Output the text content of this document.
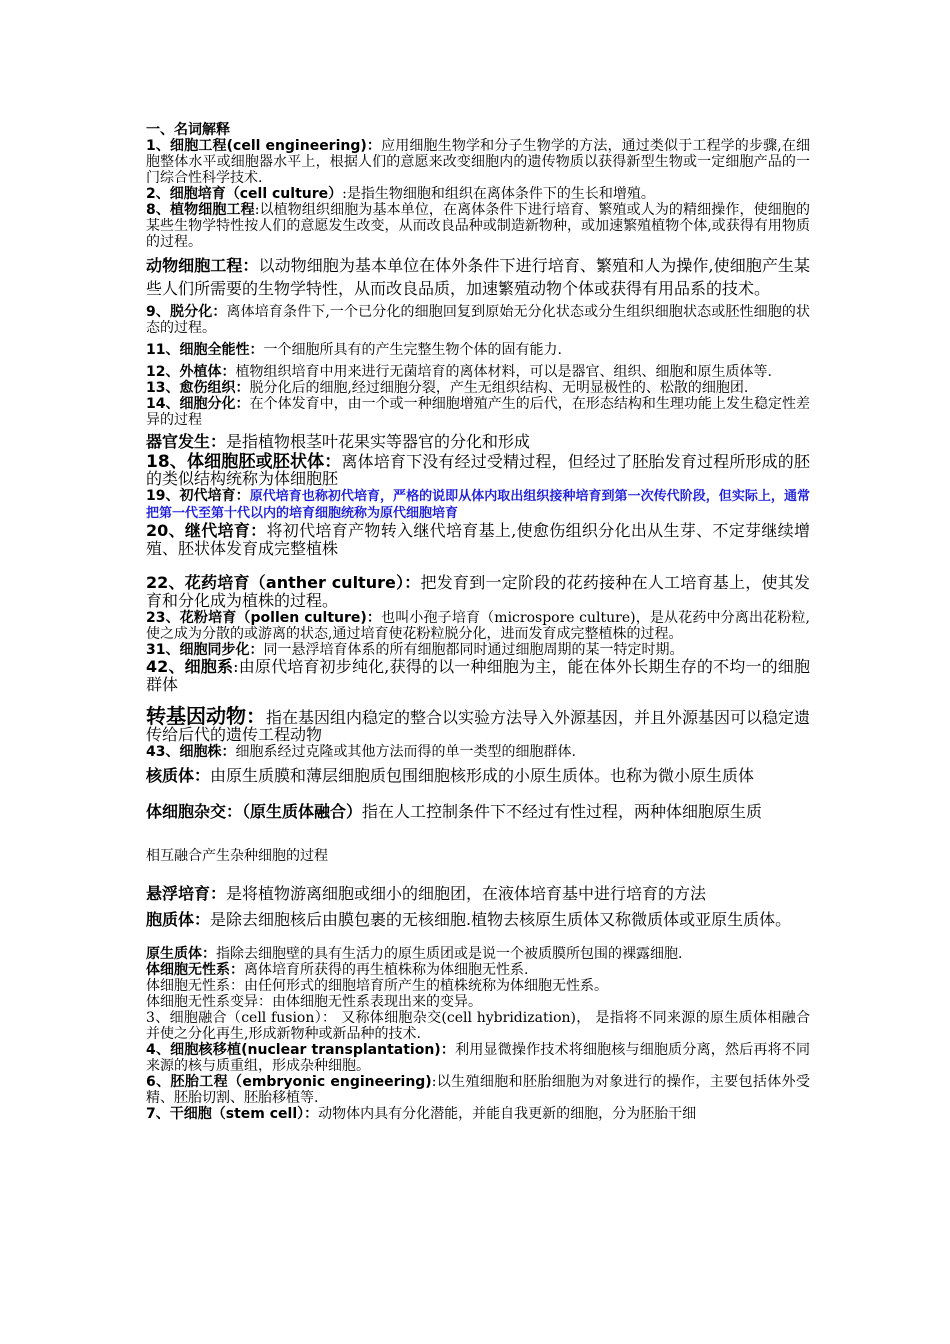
一、名词解释

1、细胞工程(cell engineering)：应用细胞生物学和分子生物学的方法，通过类似于工程学的步骤,在细胞整体水平或细胞器水平上，根据人们的意愿来改变细胞内的遗传物质以获得新型生物或一定细胞产品的一门综合性科学技术.

2、细胞培育（cell culture）:是指生物细胞和组织在离体条件下的生长和增殖。

8、植物细胞工程:以植物组织细胞为基本单位，在离体条件下进行培育、繁殖或人为的精细操作，使细胞的某些生物学特性按人们的意愿发生改变，从而改良品种或制造新物种，或加速繁殖植物个体,或获得有用物质的过程。

动物细胞工程：以动物细胞为基本单位在体外条件下进行培育、繁殖和人为操作,使细胞产生某些人们所需要的生物学特性，从而改良品质，加速繁殖动物个体或获得有用品系的技术。

9、脱分化：离体培育条件下,一个已分化的细胞回复到原始无分化状态或分生组织细胞状态或胚性细胞的状态的过程。

11、细胞全能性：一个细胞所具有的产生完整生物个体的固有能力.

12、外植体：植物组织培育中用来进行无菌培育的离体材料，可以是器官、组织、细胞和原生质体等.

13、愈伤组织：脱分化后的细胞,经过细胞分裂，产生无组织结构、无明显极性的、松散的细胞团.

14、细胞分化：在个体发育中，由一个或一种细胞增殖产生的后代，在形态结构和生理功能上发生稳定性差异的过程

器官发生：是指植物根茎叶花果实等器官的分化和形成

18、体细胞胚或胚状体：离体培育下没有经过受精过程，但经过了胚胎发育过程所形成的胚的类似结构统称为体细胞胚

19、初代培育：原代培育也称初代培育，严格的说即从体内取出组织接种培育到第一次传代阶段，但实际上，通常把第一代至第十代以内的培育细胞统称为原代细胞培育

20、继代培育：将初代培育产物转入继代培育基上,使愈伤组织分化出从生芽、不定芽继续增殖、胚状体发育成完整植株

22、花药培育（anther culture）：把发育到一定阶段的花药接种在人工培育基上，使其发育和分化成为植株的过程。

23、花粉培育（pollen culture)：也叫小孢子培育（microspore culture)，是从花药中分离出花粉粒,使之成为分散的或游离的状态,通过培育使花粉粒脱分化，进而发育成完整植株的过程。

31、细胞同步化：同一悬浮培育体系的所有细胞都同时通过细胞周期的某一特定时期。

42、细胞系:由原代培育初步纯化,获得的以一种细胞为主，能在体外长期生存的不均一的细胞群体

转基因动物：指在基因组内稳定的整合以实验方法导入外源基因，并且外源基因可以稳定遗传给后代的遗传工程动物

43、细胞株：细胞系经过克隆或其他方法而得的单一类型的细胞群体.

核质体：由原生质膜和薄层细胞质包围细胞核形成的小原生质体。也称为微小原生质体

体细胞杂交：（原生质体融合）指在人工控制条件下不经过有性过程，两种体细胞原生质

相互融合产生杂种细胞的过程

悬浮培育：是将植物游离细胞或细小的细胞团，在液体培育基中进行培育的方法

胞质体：是除去细胞核后由膜包裹的无核细胞.植物去核原生质体又称微质体或亚原生质体。

原生质体：指除去细胞壁的具有生活力的原生质团或是说一个被质膜所包围的裸露细胞.

体细胞无性系：离体培育所获得的再生植株称为体细胞无性系.

体细胞无性系：由任何形式的细胞培育所产生的植株统称为体细胞无性系。

体细胞无性系变异：由体细胞无性系表现出来的变异。

3、细胞融合（cell fusion）： 又称体细胞杂交(cell hybridization)， 是指将不同来源的原生质体相融合并使之分化再生,形成新物种或新品种的技术.

4、细胞核移植(nuclear transplantation)：利用显微操作技术将细胞核与细胞质分离，然后再将不同来源的核与质重组，形成杂种细胞。

6、胚胎工程（embryonic engineering):以生殖细胞和胚胎细胞为对象进行的操作，主要包括体外受精、胚胎切割、胚胎移植等.

7、干细胞（stem cell）：动物体内具有分化潜能，并能自我更新的细胞，分为胚胎干细
